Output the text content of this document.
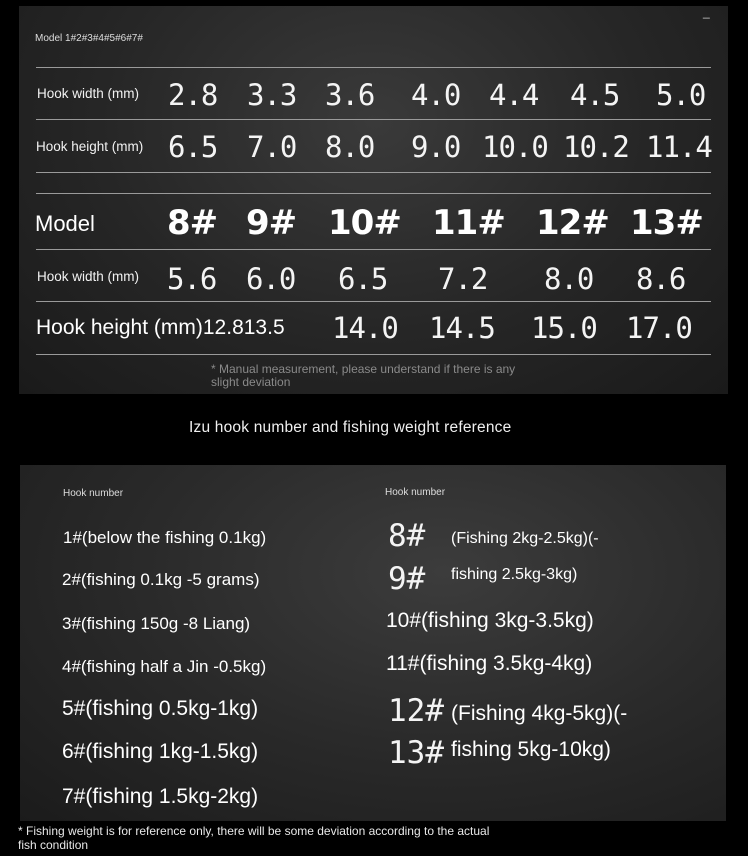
_
Model 1#2#3#4#5#6#7#
Hook width (mm) 2.8 3.3 3.6 4.0 4.4 4.5 5.0
Hook height (mm) 6.5 7.0 8.0 9.0 10.0 10.2 11.4
Model 8# 9# 10# 11# 12# 13#
Hook width (mm) 5.6 6.0 6.5 7.2 8.0 8.6
Hook height (mm)12.813.5 14.0 14.5 15.0 17.0
* Manual measurement, please understand if there is any
slight deviation
Izu hook number and fishing weight reference
Hook number	Hook number
1#(below the fishing 0.1kg)
2#(fishing 0.1kg -5 grams)
3#(fishing 150g -8 Liang)
4#(fishing half a Jin -0.5kg)
5#(fishing 0.5kg-1kg)
6#(fishing 1kg-1.5kg)
7#(fishing 1.5kg-2kg)
8#
9#
(Fishing 2kg-2.5kg)(-
fishing 2.5kg-3kg)
10#(fishing 3kg-3.5kg)
11#(fishing 3.5kg-4kg)
12#
13#
(Fishing 4kg-5kg)(-
fishing 5kg-10kg)
* Fishing weight is for reference only, there will be some deviation according to the actual
fish condition
